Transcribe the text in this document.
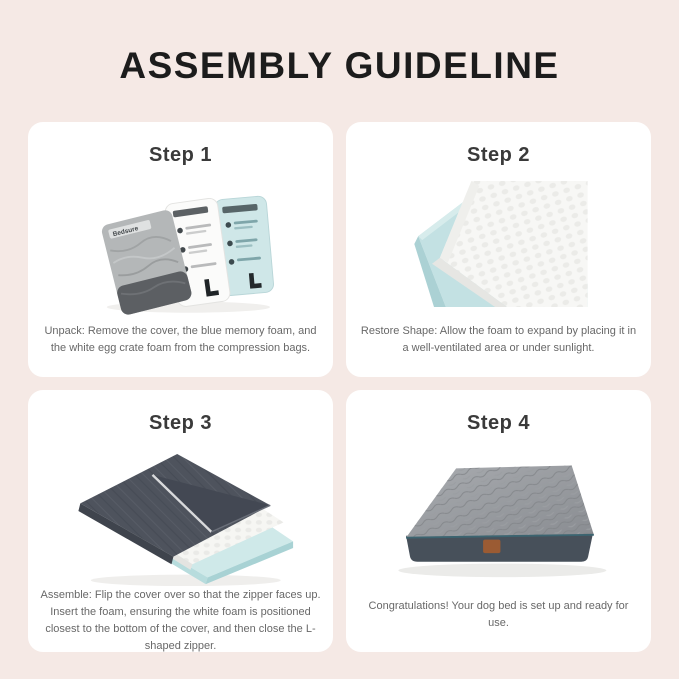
ASSEMBLY GUIDELINE
Step 1
Bedsure

Unpack: Remove the cover, the blue memory foam, and the white egg crate foam from the compression bags.

Step 2

Restore Shape: Allow the foam to expand by placing it in a well-ventilated area or under sunlight.

Step 3

Assemble: Flip the cover over so that the zipper faces up. Insert the foam, ensuring the white foam is positioned closest to the bottom of the cover, and then close the L-shaped zipper.

Step 4

Congratulations! Your dog bed is set up and ready for use.
